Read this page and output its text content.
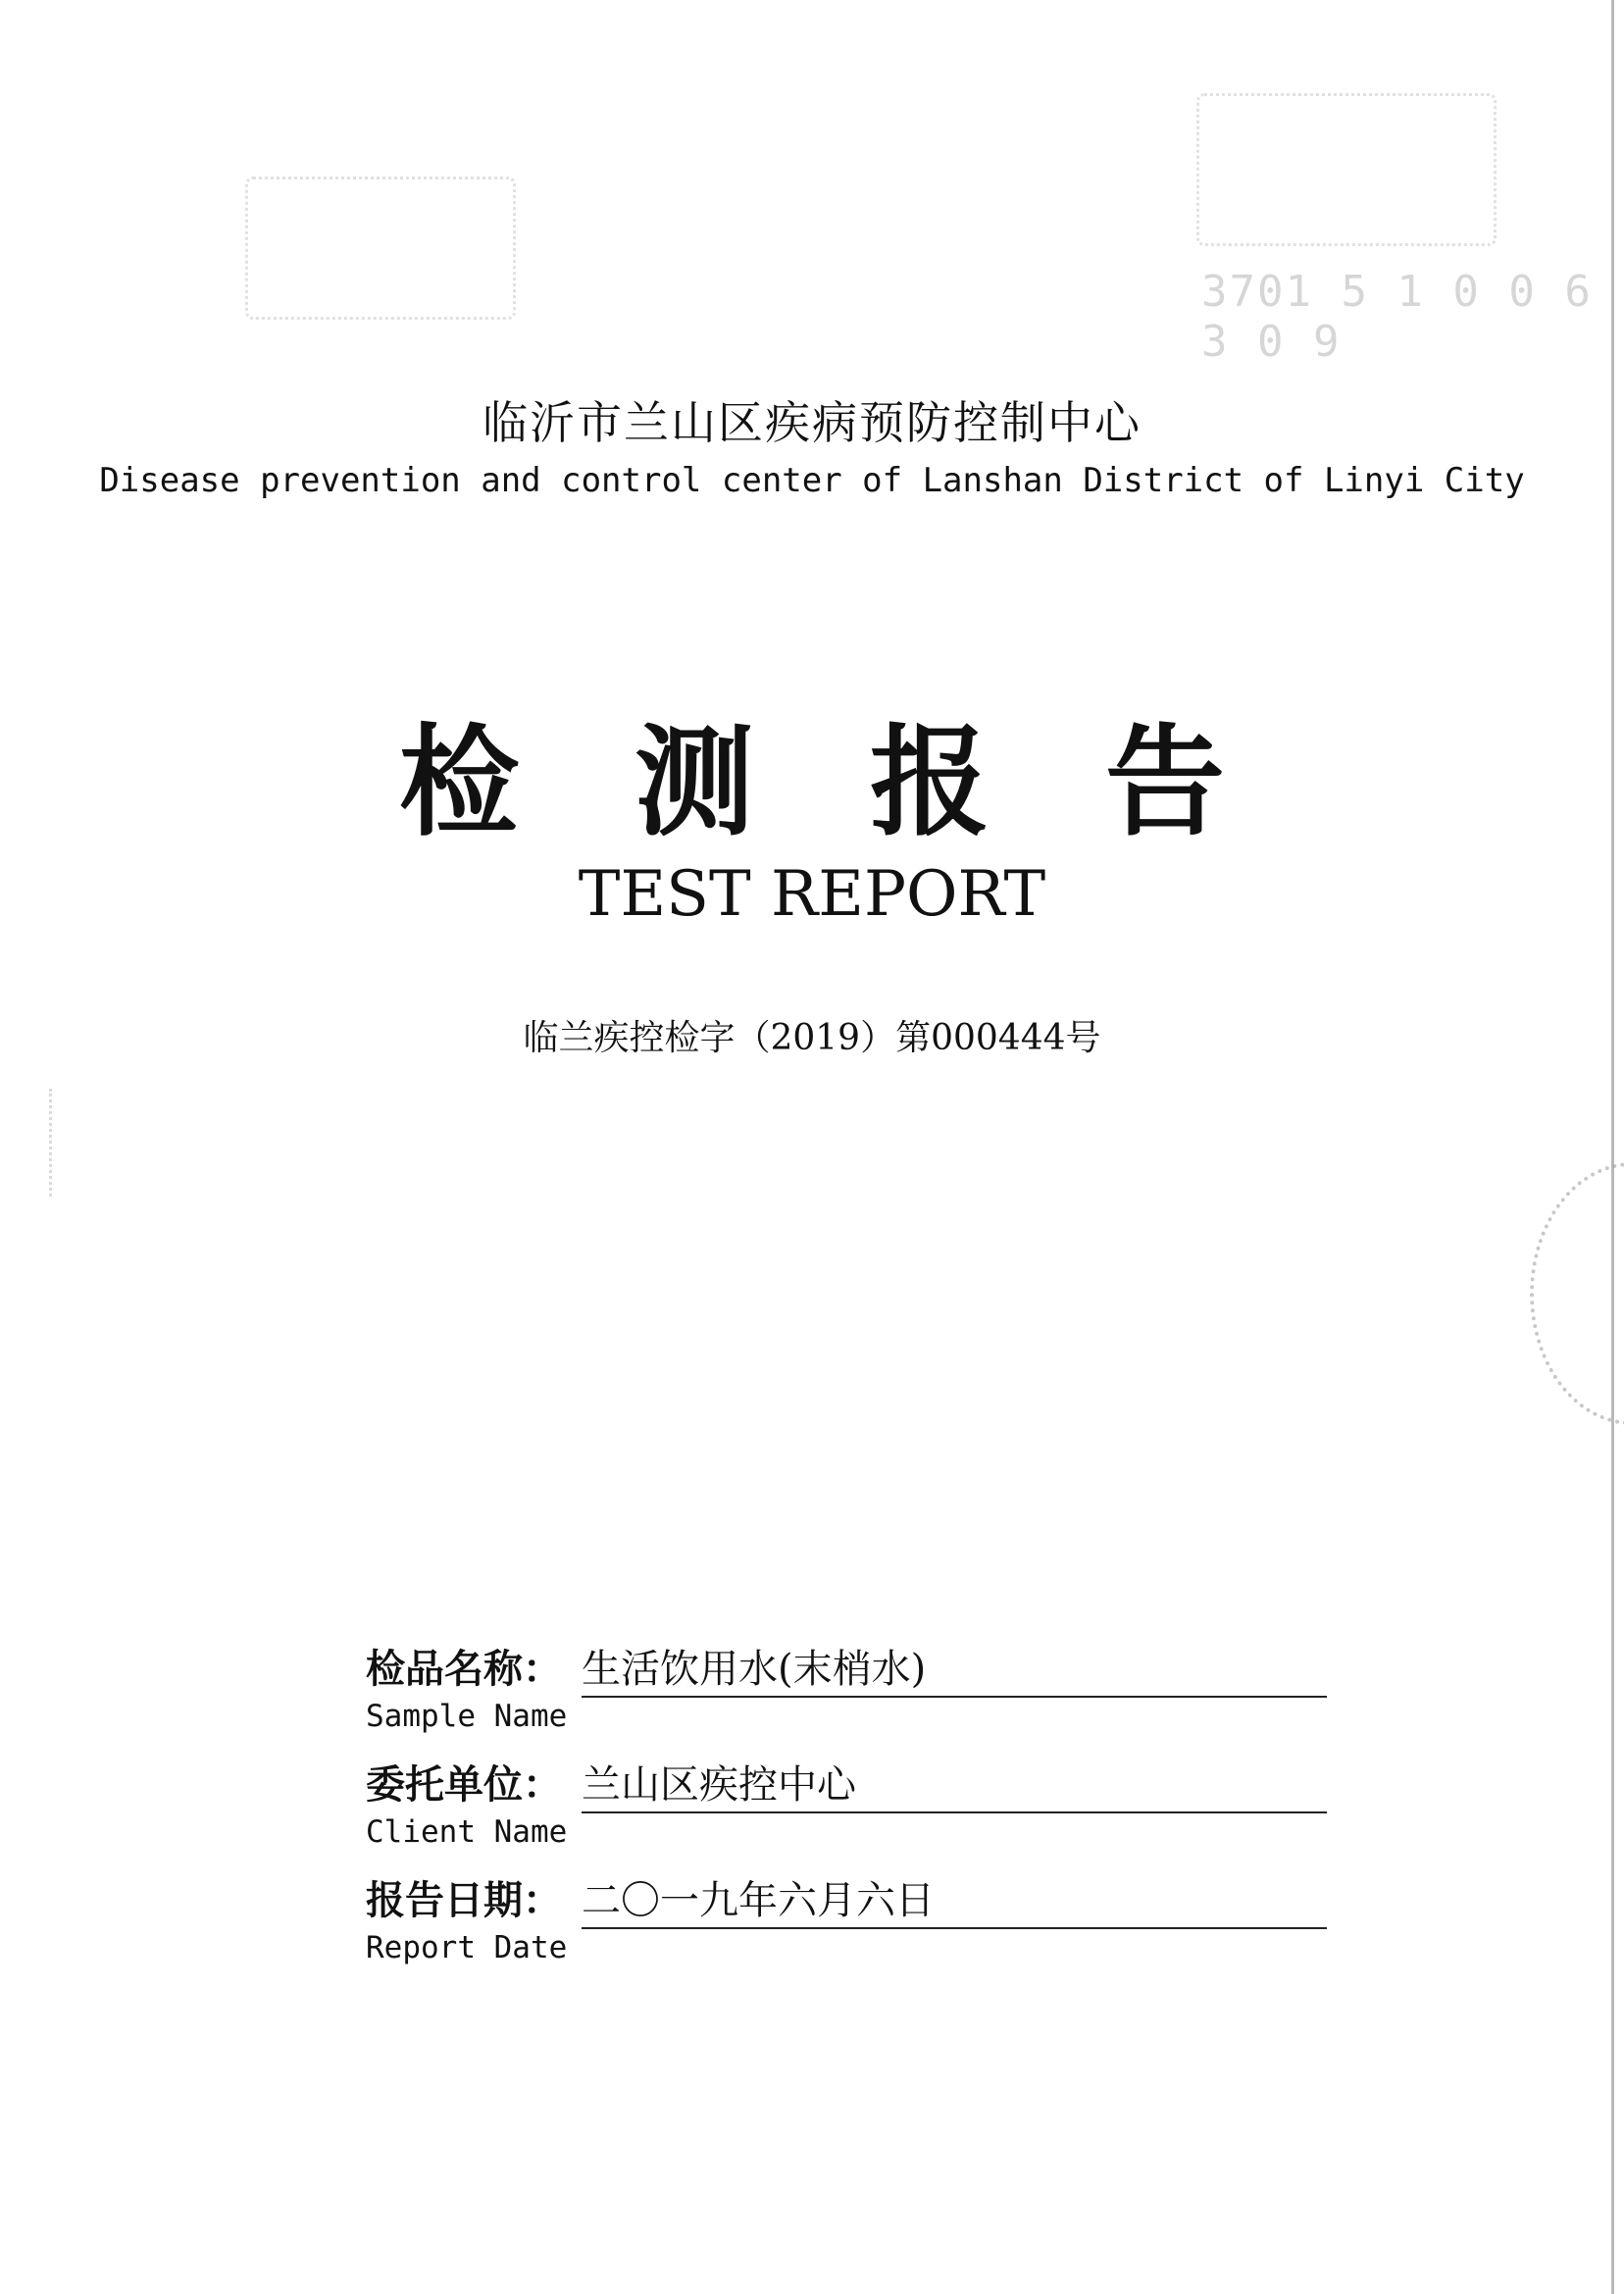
3701 5 1 0 0 6 3 0 9
临沂市兰山区疾病预防控制中心
Disease prevention and control center of Lanshan District of Linyi City
检测报告
TEST REPORT
临兰疾控检字（2019）第000444号
检品名称： 生活饮用水(末梢水)
Sample Name
委托单位： 兰山区疾控中心
Client Name
报告日期： 二〇一九年六月六日
Report Date
